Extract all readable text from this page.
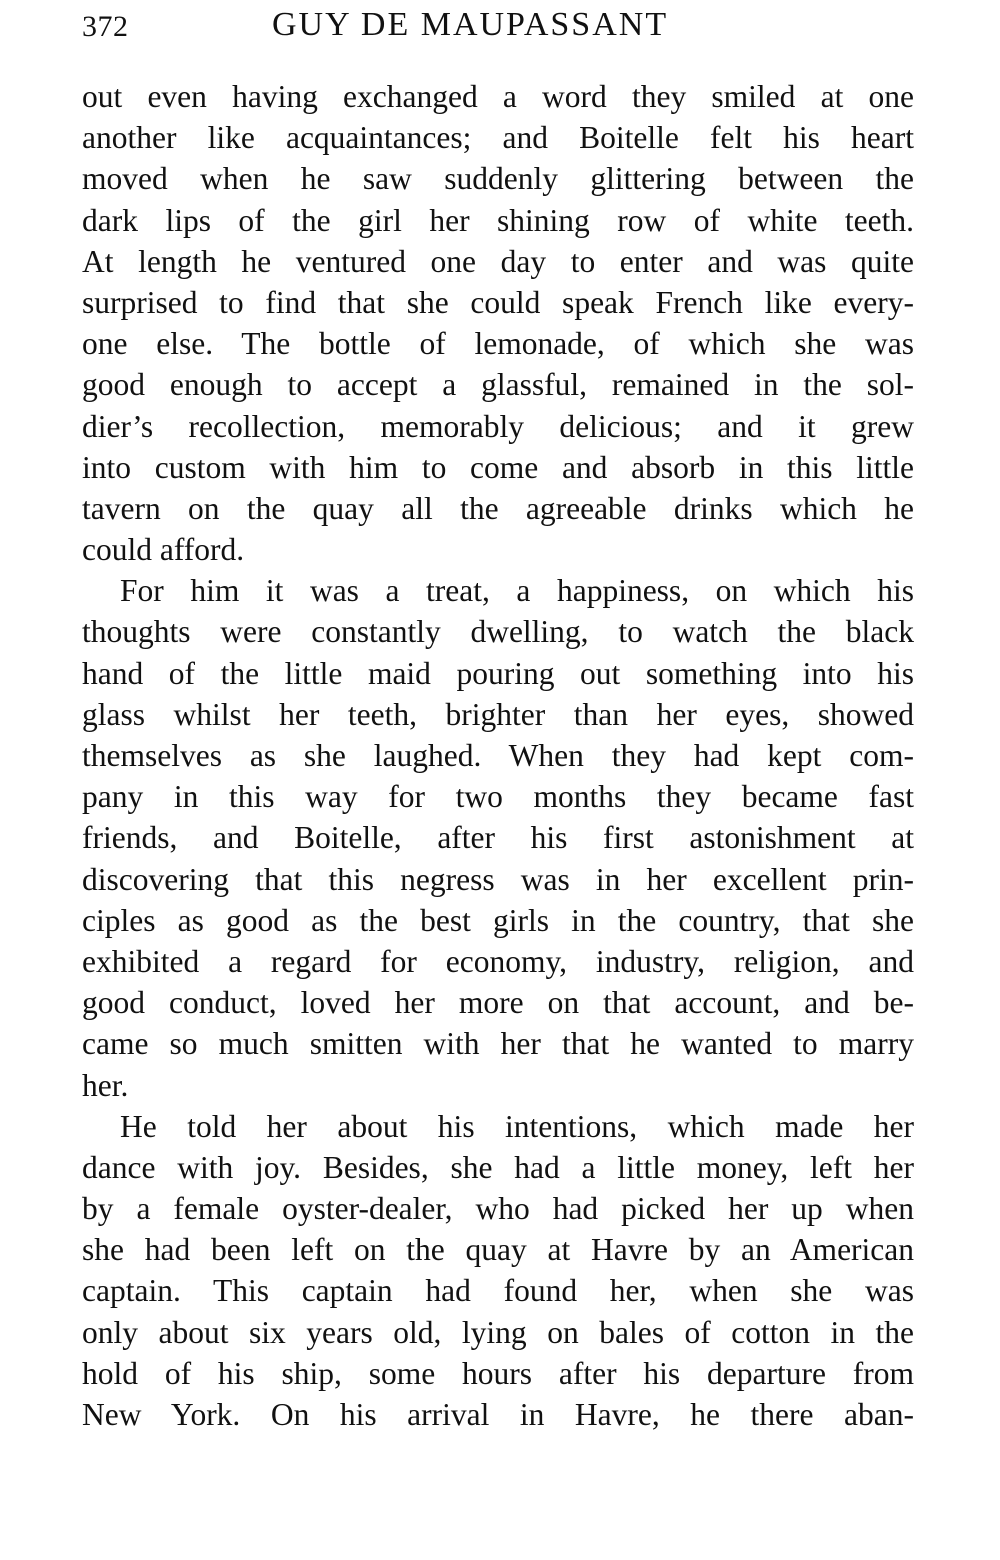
372	GUY DE MAUPASSANT
out even having exchanged a word they smiled at one
another like acquaintances; and Boitelle felt his heart
moved when he saw suddenly glittering between the
dark lips of the girl her shining row of white teeth.
At length he ventured one day to enter and was quite
surprised to find that she could speak French like every-
one else. The bottle of lemonade, of which she was
good enough to accept a glassful, remained in the sol-
dier’s recollection, memorably delicious; and it grew
into custom with him to come and absorb in this little
tavern on the quay all the agreeable drinks which he
could afford.
For him it was a treat, a happiness, on which his
thoughts were constantly dwelling, to watch the black
hand of the little maid pouring out something into his
glass whilst her teeth, brighter than her eyes, showed
themselves as she laughed. When they had kept com-
pany in this way for two months they became fast
friends, and Boitelle, after his first astonishment at
discovering that this negress was in her excellent prin-
ciples as good as the best girls in the country, that she
exhibited a regard for economy, industry, religion, and
good conduct, loved her more on that account, and be-
came so much smitten with her that he wanted to marry
her.
He told her about his intentions, which made her
dance with joy. Besides, she had a little money, left her
by a female oyster-dealer, who had picked her up when
she had been left on the quay at Havre by an American
captain. This captain had found her, when she was
only about six years old, lying on bales of cotton in the
hold of his ship, some hours after his departure from
New York. On his arrival in Havre, he there aban-
